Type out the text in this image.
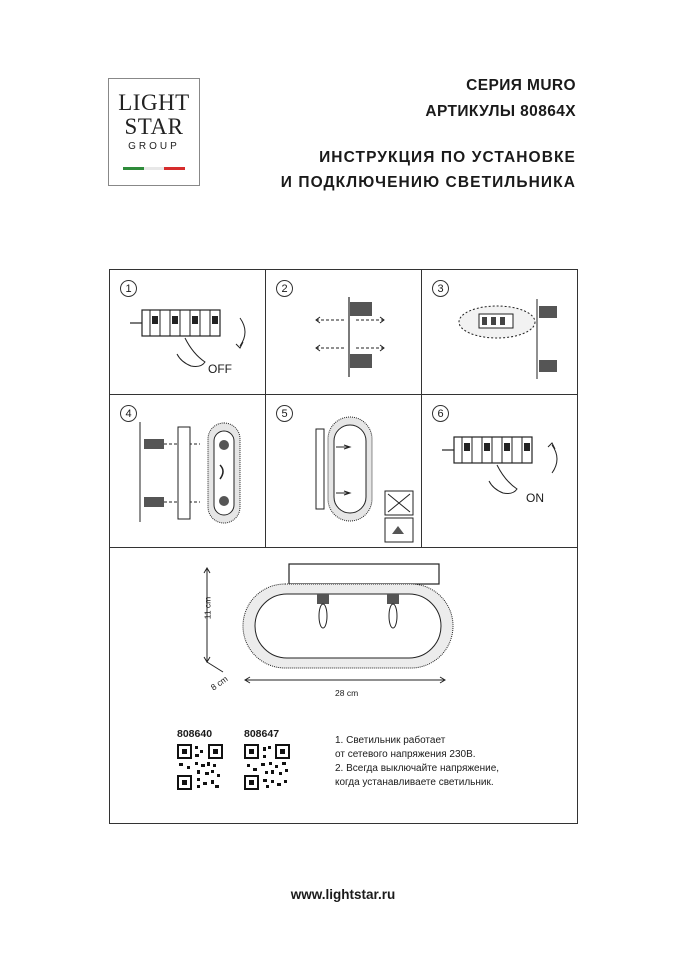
LIGHT
STAR
GROUP
СЕРИЯ MURO
АРТИКУЛЫ 80864X
ИНСТРУКЦИЯ ПО УСТАНОВКЕ
И ПОДКЛЮЧЕНИЮ СВЕТИЛЬНИКА
1
OFF
2	3
4	5	6
ON
11 cm
8 cm
28 cm
808640	808647
1. Светильник работает
от сетевого напряжения 230В.
2. Всегда выключайте напряжение,
когда устанавливаете светильник.
www.lightstar.ru
